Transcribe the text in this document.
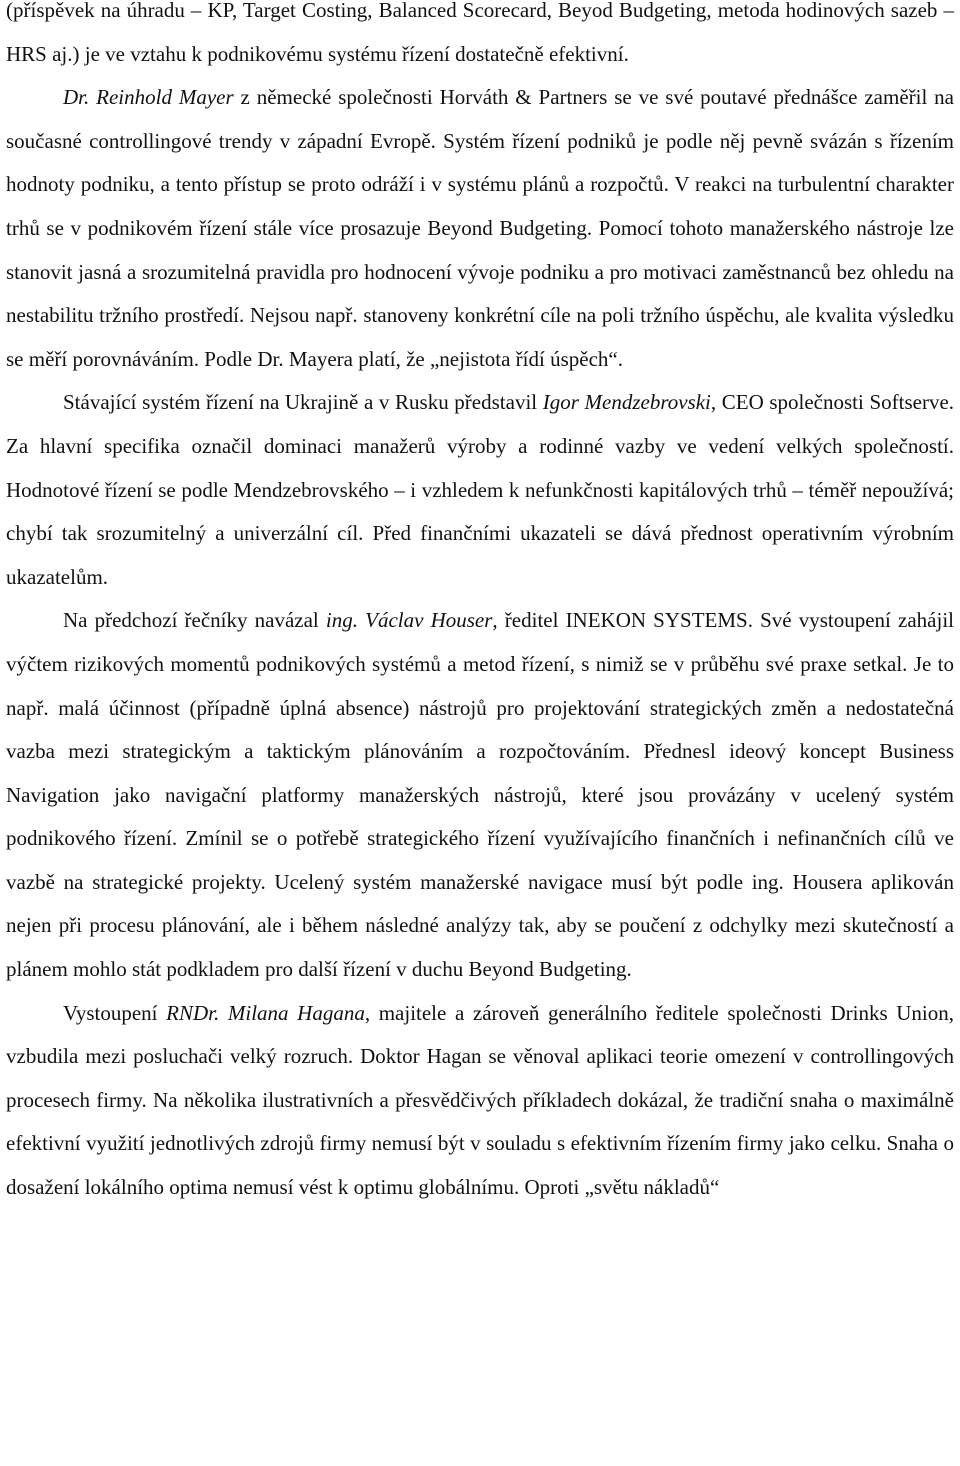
(příspěvek na úhradu – KP, Target Costing, Balanced Scorecard, Beyod Budgeting, metoda hodinových sazeb – HRS aj.) je ve vztahu k podnikovému systému řízení dostatečně efektivní.

Dr. Reinhold Mayer z německé společnosti Horváth & Partners se ve své poutavé přednášce zaměřil na současné controllingové trendy v západní Evropě. Systém řízení podniků je podle něj pevně svázán s řízením hodnoty podniku, a tento přístup se proto odráží i v systému plánů a rozpočtů. V reakci na turbulentní charakter trhů se v podnikovém řízení stále více prosazuje Beyond Budgeting. Pomocí tohoto manažerského nástroje lze stanovit jasná a srozumitelná pravidla pro hodnocení vývoje podniku a pro motivaci zaměstnanců bez ohledu na nestabilitu tržního prostředí. Nejsou např. stanoveny konkrétní cíle na poli tržního úspěchu, ale kvalita výsledku se měří porovnáváním. Podle Dr. Mayera platí, že „nejistota řídí úspěch“.

Stávající systém řízení na Ukrajině a v Rusku představil Igor Mendzebrovski, CEO společnosti Softserve. Za hlavní specifika označil dominaci manažerů výroby a rodinné vazby ve vedení velkých společností. Hodnotové řízení se podle Mendzebrovského – i vzhledem k nefunkčnosti kapitálových trhů – téměř nepoužívá; chybí tak srozumitelný a univerzální cíl. Před finančními ukazateli se dává přednost operativním výrobním ukazatelům.

Na předchozí řečníky navázal ing. Václav Houser, ředitel INEKON SYSTEMS. Své vystoupení zahájil výčtem rizikových momentů podnikových systémů a metod řízení, s nimiž se v průběhu své praxe setkal. Je to např. malá účinnost (případně úplná absence) nástrojů pro projektování strategických změn a nedostatečná vazba mezi strategickým a taktickým plánováním a rozpočtováním. Přednesl ideový koncept Business Navigation jako navigační platformy manažerských nástrojů, které jsou provázány v ucelený systém podnikového řízení. Zmínil se o potřebě strategického řízení využívajícího finančních i nefinančních cílů ve vazbě na strategické projekty. Ucelený systém manažerské navigace musí být podle ing. Housera aplikován nejen při procesu plánování, ale i během následné analýzy tak, aby se poučení z odchylky mezi skutečností a plánem mohlo stát podkladem pro další řízení v duchu Beyond Budgeting.

Vystoupení RNDr. Milana Hagana, majitele a zároveň generálního ředitele společnosti Drinks Union, vzbudila mezi posluchači velký rozruch. Doktor Hagan se věnoval aplikaci teorie omezení v controllingových procesech firmy. Na několika ilustrativních a přesvědčivých příkladech dokázal, že tradiční snaha o maximálně efektivní využití jednotlivých zdrojů firmy nemusí být v souladu s efektivním řízením firmy jako celku. Snaha o dosažení lokálního optima nemusí vést k optimu globálnímu. Oproti „světu nákladů“
